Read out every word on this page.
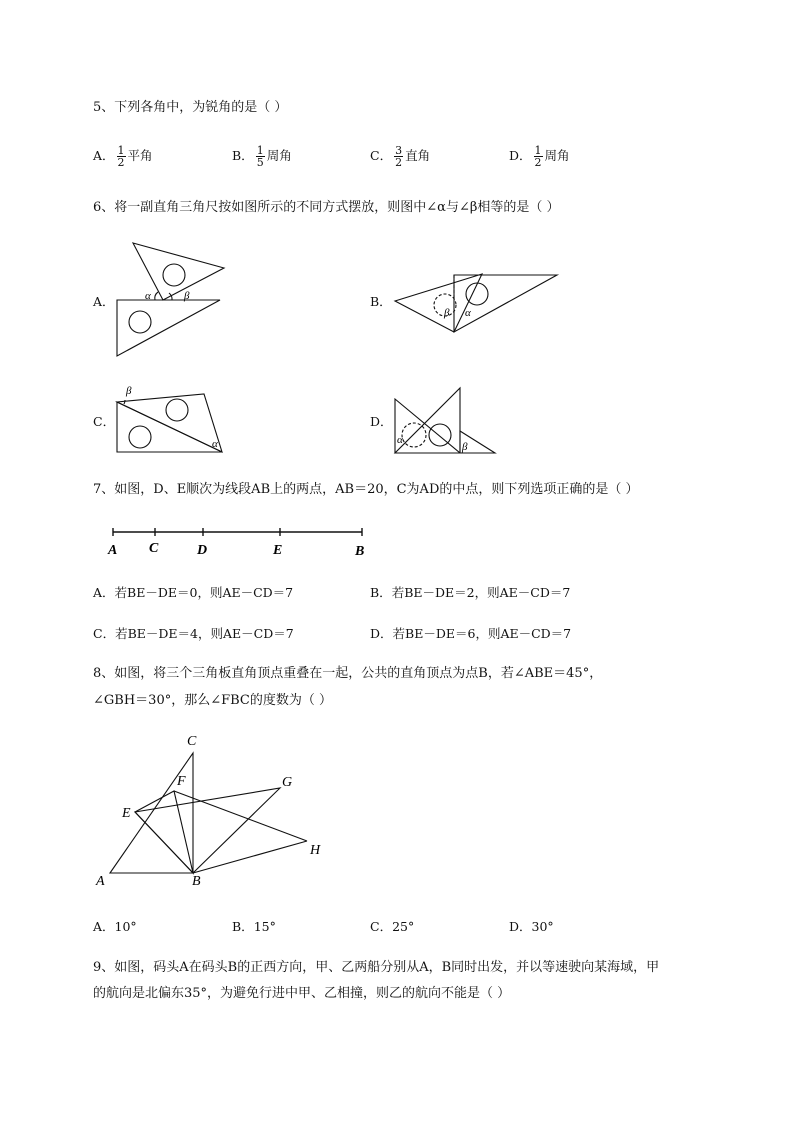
5、下列各角中，为锐角的是（ ）
A． $\frac{1}{2}$ 平角	B． $\frac{1}{5}$ 周角	C． $\frac{3}{2}$ 直角	D． $\frac{1}{2}$ 周角
6、将一副直角三角尺按如图所示的不同方式摆放，则图中∠α与∠β相等的是（ ）
A．	α	β	B．
β α
C．
β
α
D．
α
β
7、如图，D、E顺次为线段AB上的两点，AB＝20，C为AD的中点，则下列选项正确的是（ ）
A C	D	E	B
A．若BE－DE＝0，则AE－CD＝7	B．若BE－DE＝2，则AE－CD＝7
C．若BE－DE＝4，则AE－CD＝7	D．若BE－DE＝6，则AE－CD＝7
8、如图，将三个三角板直角顶点重叠在一起，公共的直角顶点为点B，若∠ABE＝45°，
∠GBH＝30°，那么∠FBC的度数为（ ）
A	B
C
E
F	G
H
A．10°	B．15°	C．25°	D．30°
9、如图，码头A在码头B的正西方向，甲、乙两船分别从A，B同时出发，并以等速驶向某海域，甲
的航向是北偏东35°，为避免行进中甲、乙相撞，则乙的航向不能是（ ）
